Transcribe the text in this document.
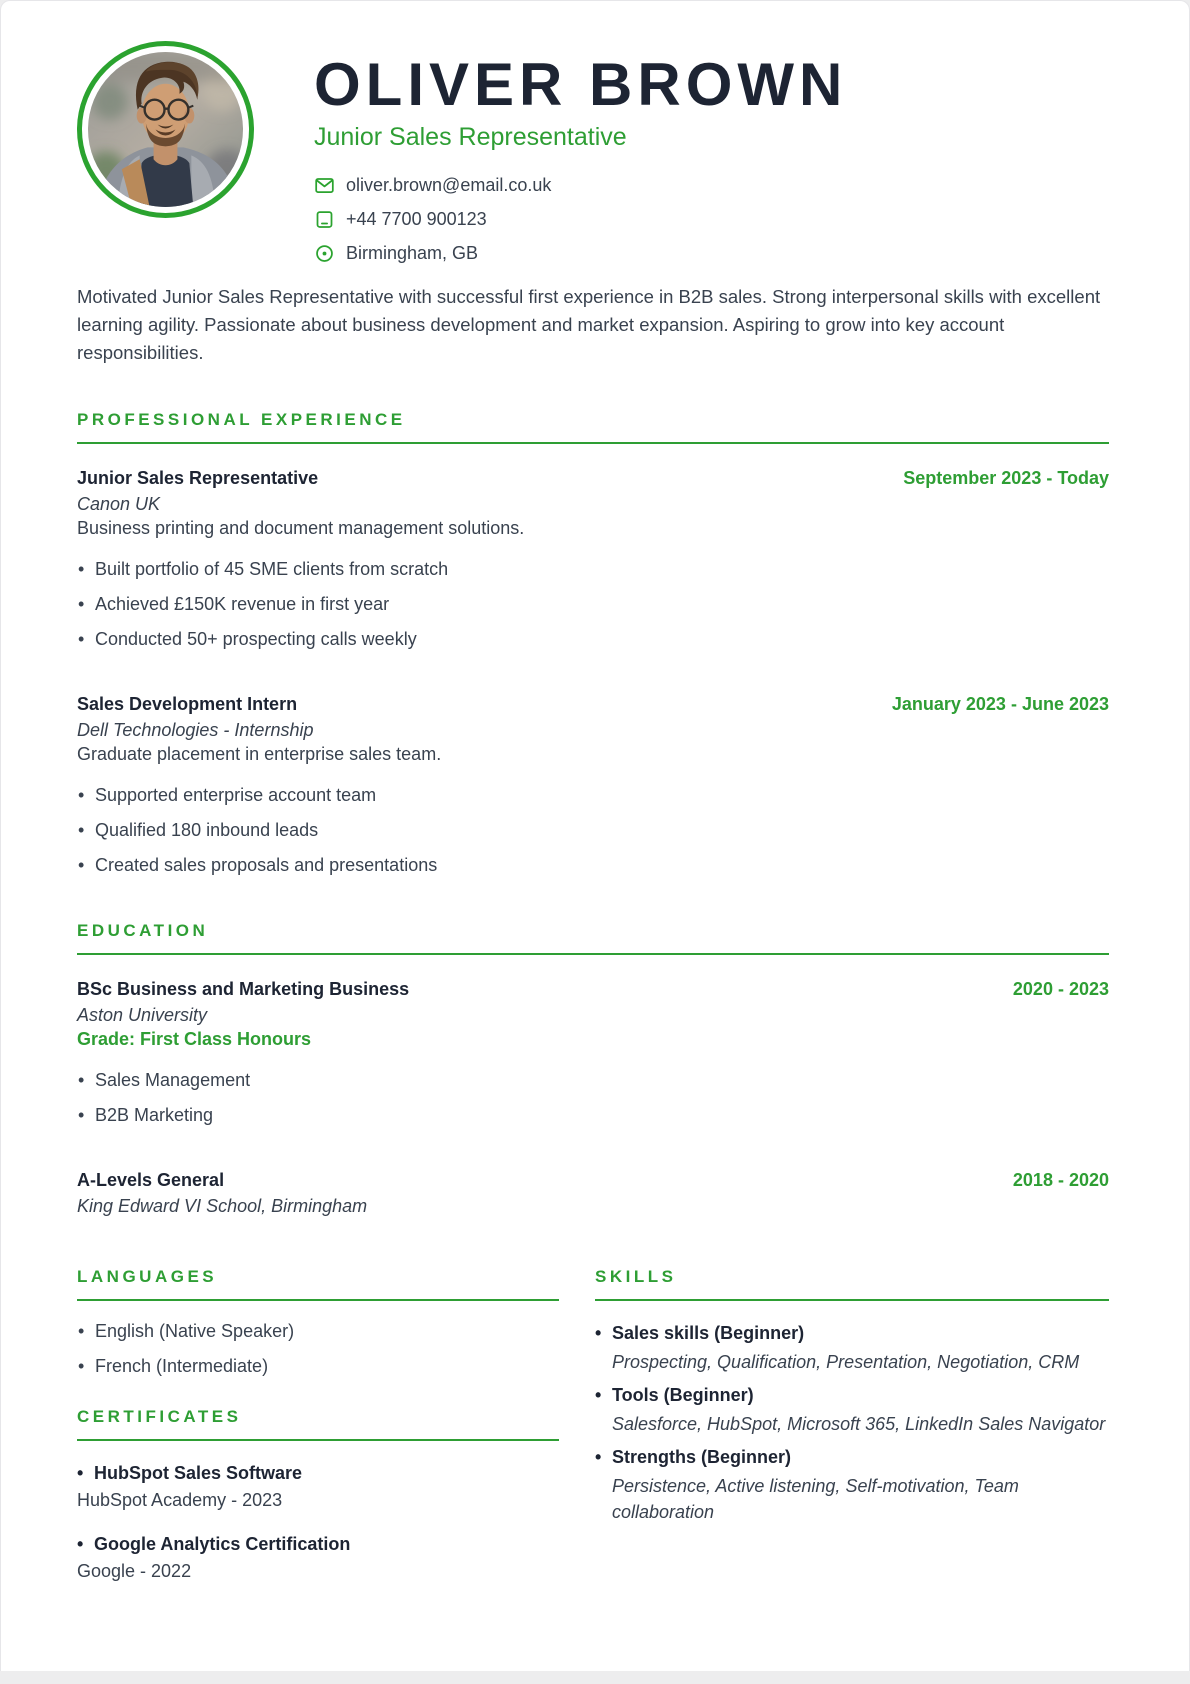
OLIVER BROWN
Junior Sales Representative
oliver.brown@email.co.uk
+44 7700 900123
Birmingham, GB

Motivated Junior Sales Representative with successful first experience in B2B sales. Strong interpersonal skills with excellent learning agility. Passionate about business development and market expansion. Aspiring to grow into key account responsibilities.

PROFESSIONAL EXPERIENCE
Junior Sales Representative	September 2023 - Today
Canon UK
Business printing and document management solutions.
• Built portfolio of 45 SME clients from scratch
• Achieved £150K revenue in first year
• Conducted 50+ prospecting calls weekly
Sales Development Intern	January 2023 - June 2023
Dell Technologies - Internship
Graduate placement in enterprise sales team.
• Supported enterprise account team
• Qualified 180 inbound leads
• Created sales proposals and presentations
EDUCATION
BSc Business and Marketing Business	2020 - 2023
Aston University
Grade: First Class Honours
• Sales Management
• B2B Marketing
A-Levels General	2018 - 2020
King Edward VI School, Birmingham
LANGUAGES
• English (Native Speaker)
• French (Intermediate)
CERTIFICATES
• HubSpot Sales Software
HubSpot Academy - 2023
• Google Analytics Certification
Google - 2022
SKILLS
• Sales skills (Beginner)
Prospecting, Qualification, Presentation, Negotiation, CRM
• Tools (Beginner)
Salesforce, HubSpot, Microsoft 365, LinkedIn Sales Navigator
• Strengths (Beginner)
Persistence, Active listening, Self-motivation, Team collaboration
